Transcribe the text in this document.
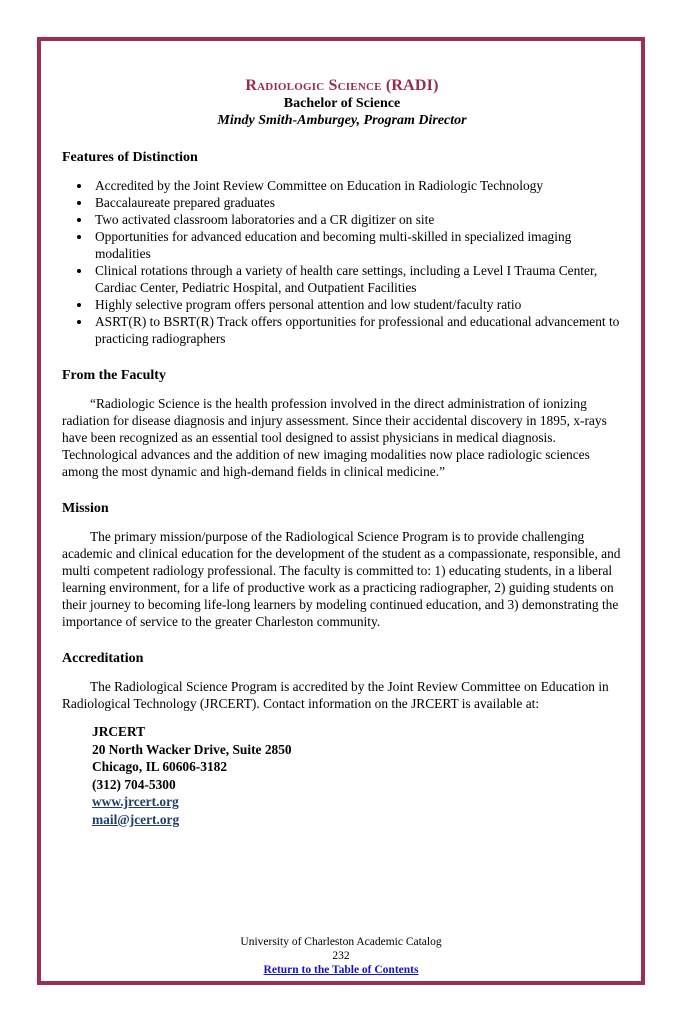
Radiologic Science (RADI)
Bachelor of Science
Mindy Smith-Amburgey, Program Director
Features of Distinction
• Accredited by the Joint Review Committee on Education in Radiologic Technology
• Baccalaureate prepared graduates
• Two activated classroom laboratories and a CR digitizer on site
• Opportunities for advanced education and becoming multi-skilled in specialized imaging modalities
• Clinical rotations through a variety of health care settings, including a Level I Trauma Center, Cardiac Center, Pediatric Hospital, and Outpatient Facilities
• Highly selective program offers personal attention and low student/faculty ratio
• ASRT(R) to BSRT(R) Track offers opportunities for professional and educational advancement to practicing radiographers
From the Faculty

“Radiologic Science is the health profession involved in the direct administration of ionizing radiation for disease diagnosis and injury assessment. Since their accidental discovery in 1895, x-rays have been recognized as an essential tool designed to assist physicians in medical diagnosis. Technological advances and the addition of new imaging modalities now place radiologic sciences among the most dynamic and high-demand fields in clinical medicine.”

Mission

The primary mission/purpose of the Radiological Science Program is to provide challenging academic and clinical education for the development of the student as a compassionate, responsible, and multi competent radiology professional. The faculty is committed to: 1) educating students, in a liberal learning environment, for a life of productive work as a practicing radiographer, 2) guiding students on their journey to becoming life-long learners by modeling continued education, and 3) demonstrating the importance of service to the greater Charleston community.

Accreditation

The Radiological Science Program is accredited by the Joint Review Committee on Education in Radiological Technology (JRCERT). Contact information on the JRCERT is available at:

JRCERT
20 North Wacker Drive, Suite 2850
Chicago, IL 60606-3182
(312) 704-5300
www.jrcert.org
mail@jcert.org
University of Charleston Academic Catalog
232
Return to the Table of Contents
